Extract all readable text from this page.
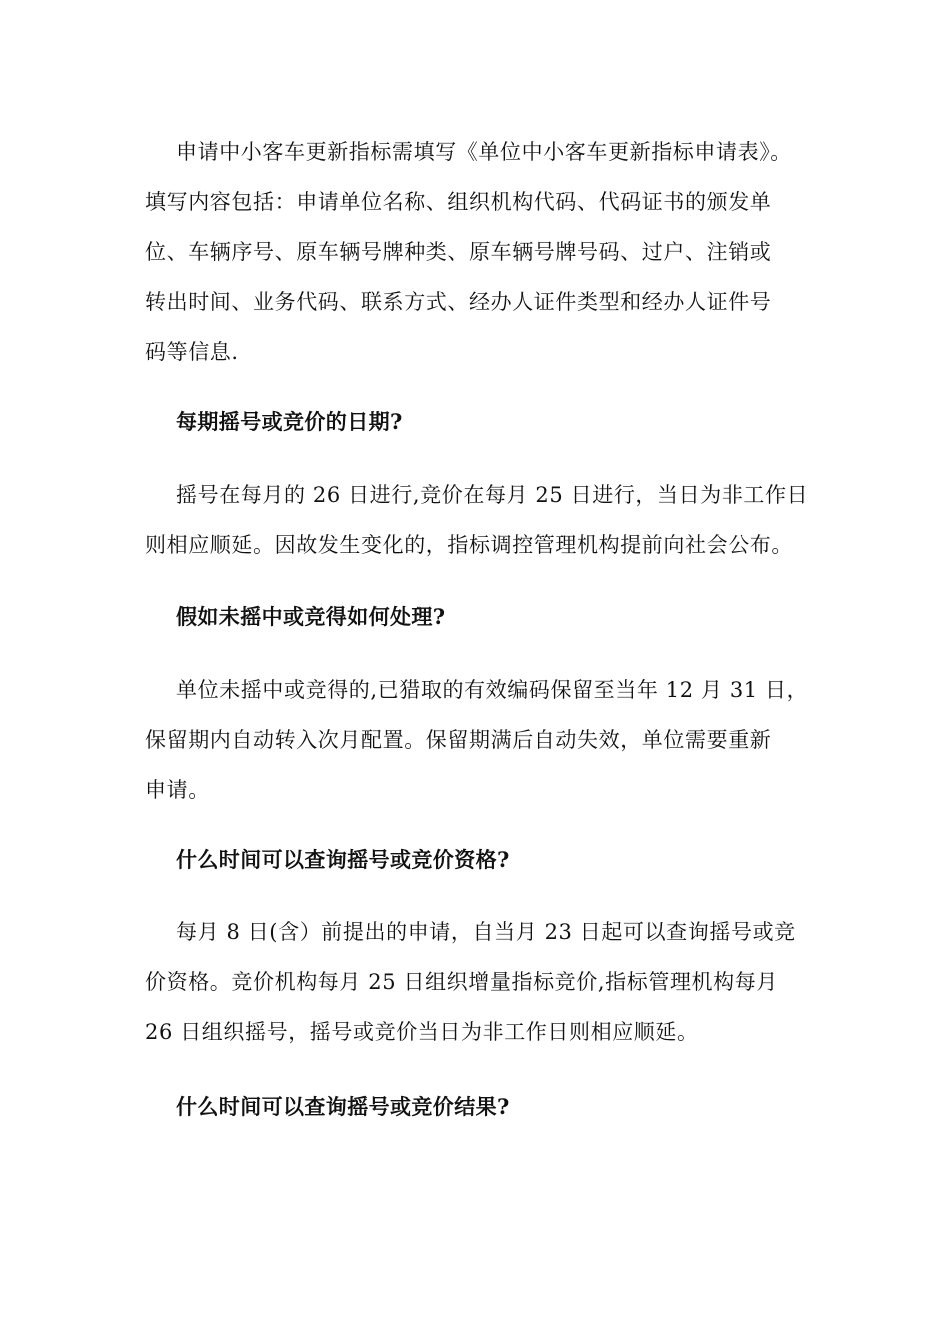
申请中小客车更新指标需填写《单位中小客车更新指标申请表》。
填写内容包括：申请单位名称、组织机构代码、代码证书的颁发单
位、车辆序号、原车辆号牌种类、原车辆号牌号码、过户、注销或
转出时间、业务代码、联系方式、经办人证件类型和经办人证件号
码等信息.
每期摇号或竞价的日期?
摇号在每月的 26 日进行,竞价在每月 25 日进行，当日为非工作日
则相应顺延。因故发生变化的，指标调控管理机构提前向社会公布。
假如未摇中或竞得如何处理?
单位未摇中或竞得的,已猎取的有效编码保留至当年 12 月 31 日，
保留期内自动转入次月配置。保留期满后自动失效，单位需要重新
申请。
什么时间可以查询摇号或竞价资格?
每月 8 日(含）前提出的申请，自当月 23 日起可以查询摇号或竞
价资格。竞价机构每月 25 日组织增量指标竞价,指标管理机构每月
26 日组织摇号，摇号或竞价当日为非工作日则相应顺延。
什么时间可以查询摇号或竞价结果?
